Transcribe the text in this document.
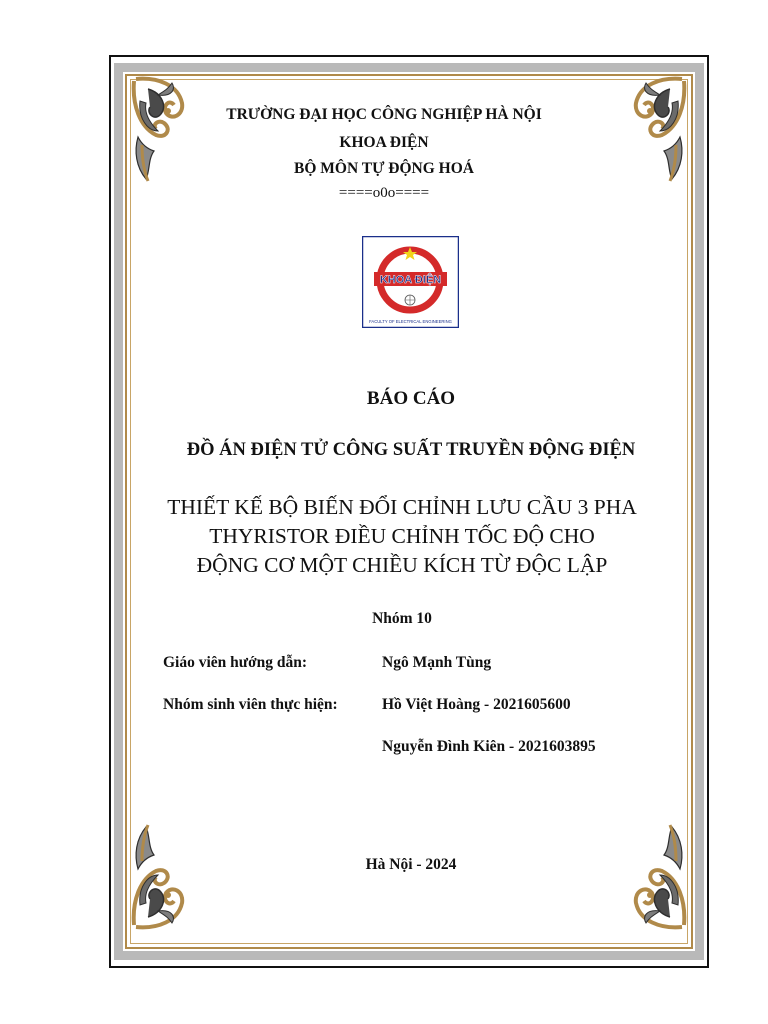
TRƯỜNG ĐẠI HỌC CÔNG NGHIỆP HÀ NỘI
KHOA ĐIỆN
BỘ MÔN TỰ ĐỘNG HOÁ
====o0o====
KHOA ĐIỆN
FACULTY OF ELECTRICAL ENGINEERING
BÁO CÁO
ĐỒ ÁN ĐIỆN TỬ CÔNG SUẤT TRUYỀN ĐỘNG ĐIỆN
THIẾT KẾ BỘ BIẾN ĐỔI CHỈNH LƯU CẦU 3 PHA
THYRISTOR ĐIỀU CHỈNH TỐC ĐỘ CHO
ĐỘNG CƠ MỘT CHIỀU KÍCH TỪ ĐỘC LẬP
Nhóm 10
Giáo viên hướng dẫn:	Ngô Mạnh Tùng
Nhóm sinh viên thực hiện:	Hồ Việt Hoàng - 2021605600
Nguyễn Đình Kiên - 2021603895
Hà Nội - 2024
